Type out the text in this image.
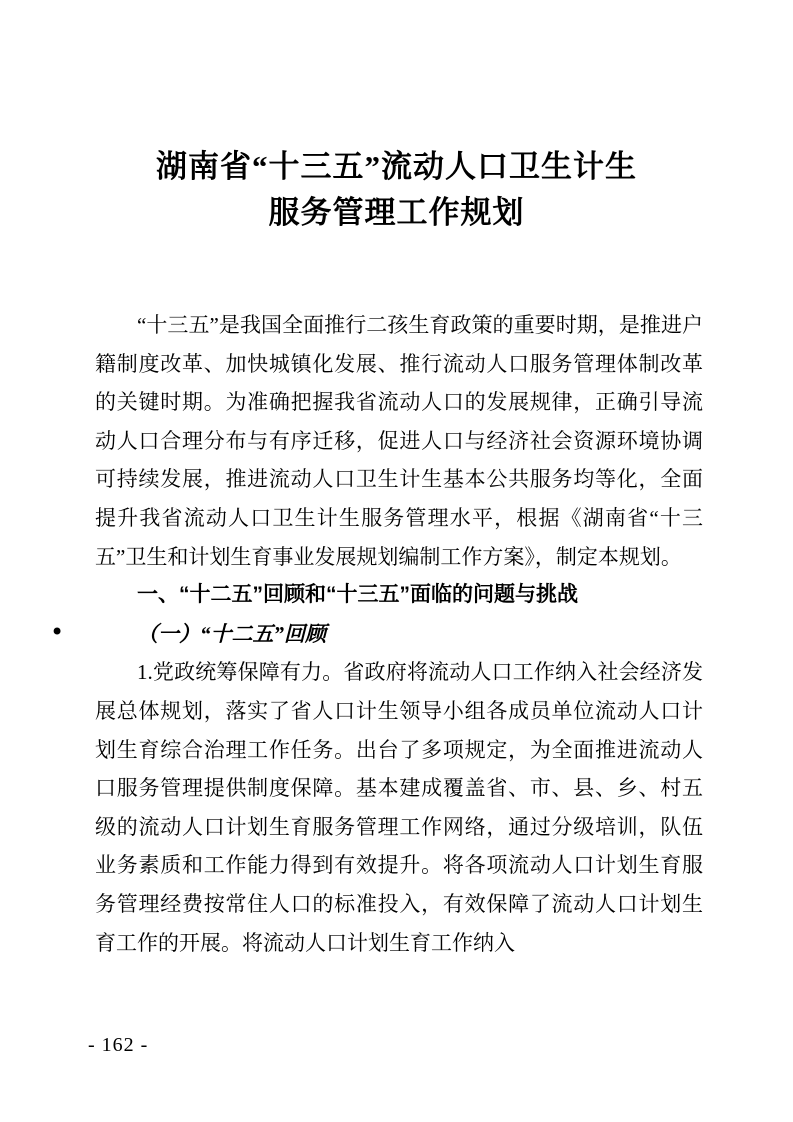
湖南省“十三五”流动人口卫生计生
服务管理工作规划
•

“十三五”是我国全面推行二孩生育政策的重要时期，是推进户籍制度改革、加快城镇化发展、推行流动人口服务管理体制改革的关键时期。为准确把握我省流动人口的发展规律，正确引导流动人口合理分布与有序迁移，促进人口与经济社会资源环境协调可持续发展，推进流动人口卫生计生基本公共服务均等化，全面提升我省流动人口卫生计生服务管理水平，根据《湖南省“十三五”卫生和计划生育事业发展规划编制工作方案》，制定本规划。

一、“十二五”回顾和“十三五”面临的问题与挑战
（一）“十二五”回顾

1.党政统筹保障有力。省政府将流动人口工作纳入社会经济发展总体规划，落实了省人口计生领导小组各成员单位流动人口计划生育综合治理工作任务。出台了多项规定，为全面推进流动人口服务管理提供制度保障。基本建成覆盖省、市、县、乡、村五级的流动人口计划生育服务管理工作网络，通过分级培训，队伍业务素质和工作能力得到有效提升。将各项流动人口计划生育服务管理经费按常住人口的标准投入，有效保障了流动人口计划生育工作的开展。将流动人口计划生育工作纳入

- 162 -
